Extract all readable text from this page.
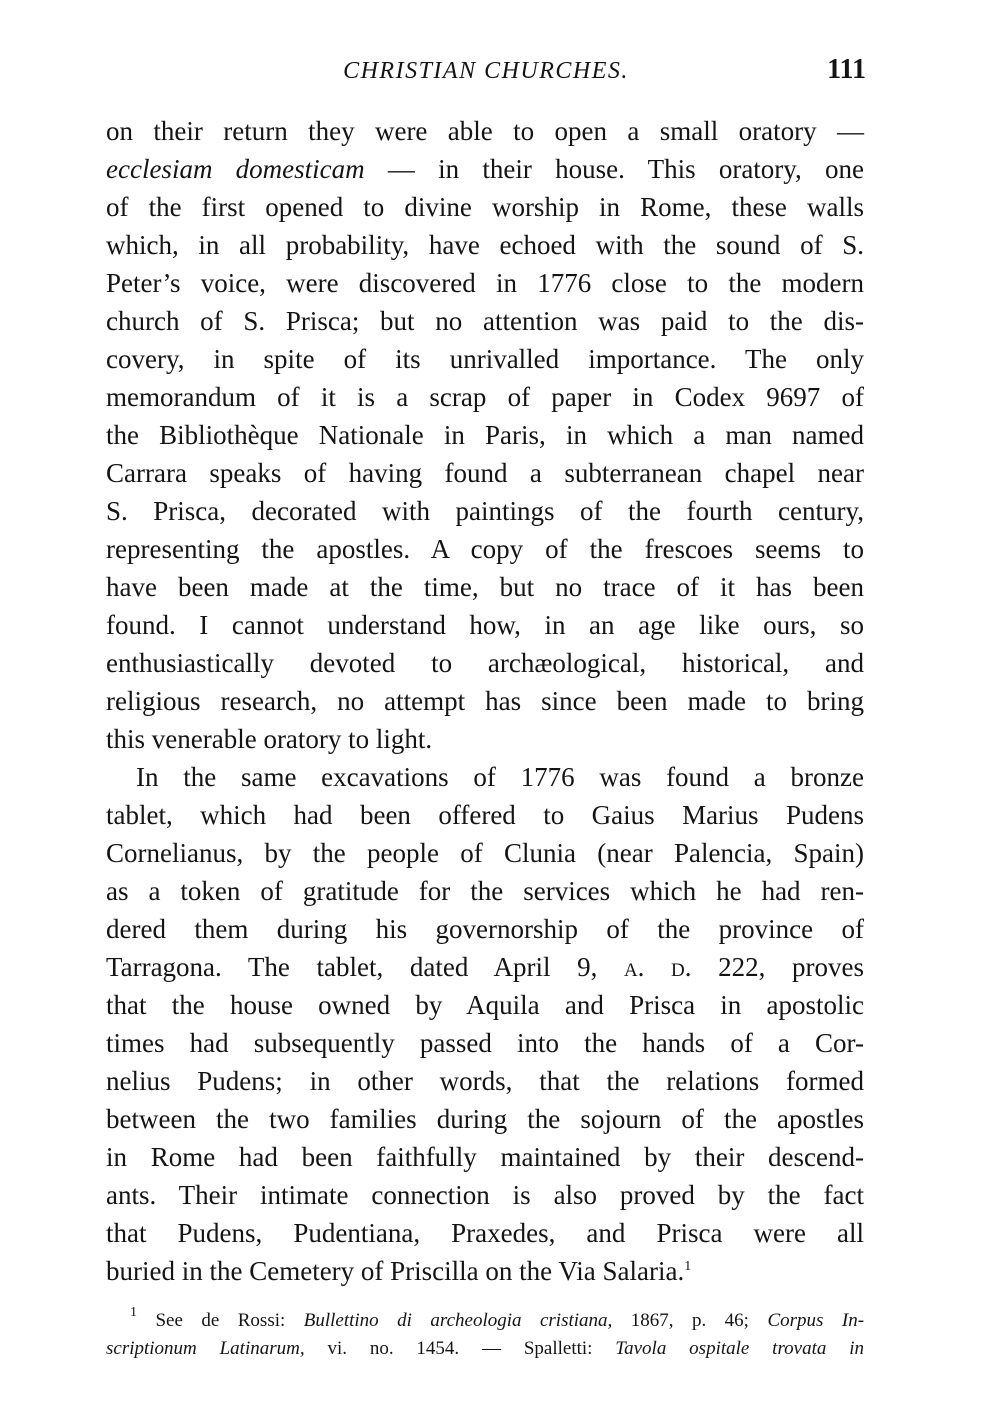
CHRISTIAN CHURCHES.	111
on their return they were able to open a small oratory —
ecclesiam domesticam — in their house. This oratory, one
of the first opened to divine worship in Rome, these walls
which, in all probability, have echoed with the sound of S.
Peter’s voice, were discovered in 1776 close to the modern
church of S. Prisca; but no attention was paid to the dis-
covery, in spite of its unrivalled importance. The only
memorandum of it is a scrap of paper in Codex 9697 of
the Bibliothèque Nationale in Paris, in which a man named
Carrara speaks of having found a subterranean chapel near
S. Prisca, decorated with paintings of the fourth century,
representing the apostles. A copy of the frescoes seems to
have been made at the time, but no trace of it has been
found. I cannot understand how, in an age like ours, so
enthusiastically devoted to archæological, historical, and
religious research, no attempt has since been made to bring
this venerable oratory to light.
In the same excavations of 1776 was found a bronze
tablet, which had been offered to Gaius Marius Pudens
Cornelianus, by the people of Clunia (near Palencia, Spain)
as a token of gratitude for the services which he had ren-
dered them during his governorship of the province of
Tarragona. The tablet, dated April 9, a. d. 222, proves
that the house owned by Aquila and Prisca in apostolic
times had subsequently passed into the hands of a Cor-
nelius Pudens; in other words, that the relations formed
between the two families during the sojourn of the apostles
in Rome had been faithfully maintained by their descend-
ants. Their intimate connection is also proved by the fact
that Pudens, Pudentiana, Praxedes, and Prisca were all
buried in the Cemetery of Priscilla on the Via Salaria.$^1$
$^1$ See de Rossi: Bullettino di archeologia cristiana, 1867, p. 46; Corpus In-
scriptionum Latinarum, vi. no. 1454. — Spalletti: Tavola ospitale trovata in
